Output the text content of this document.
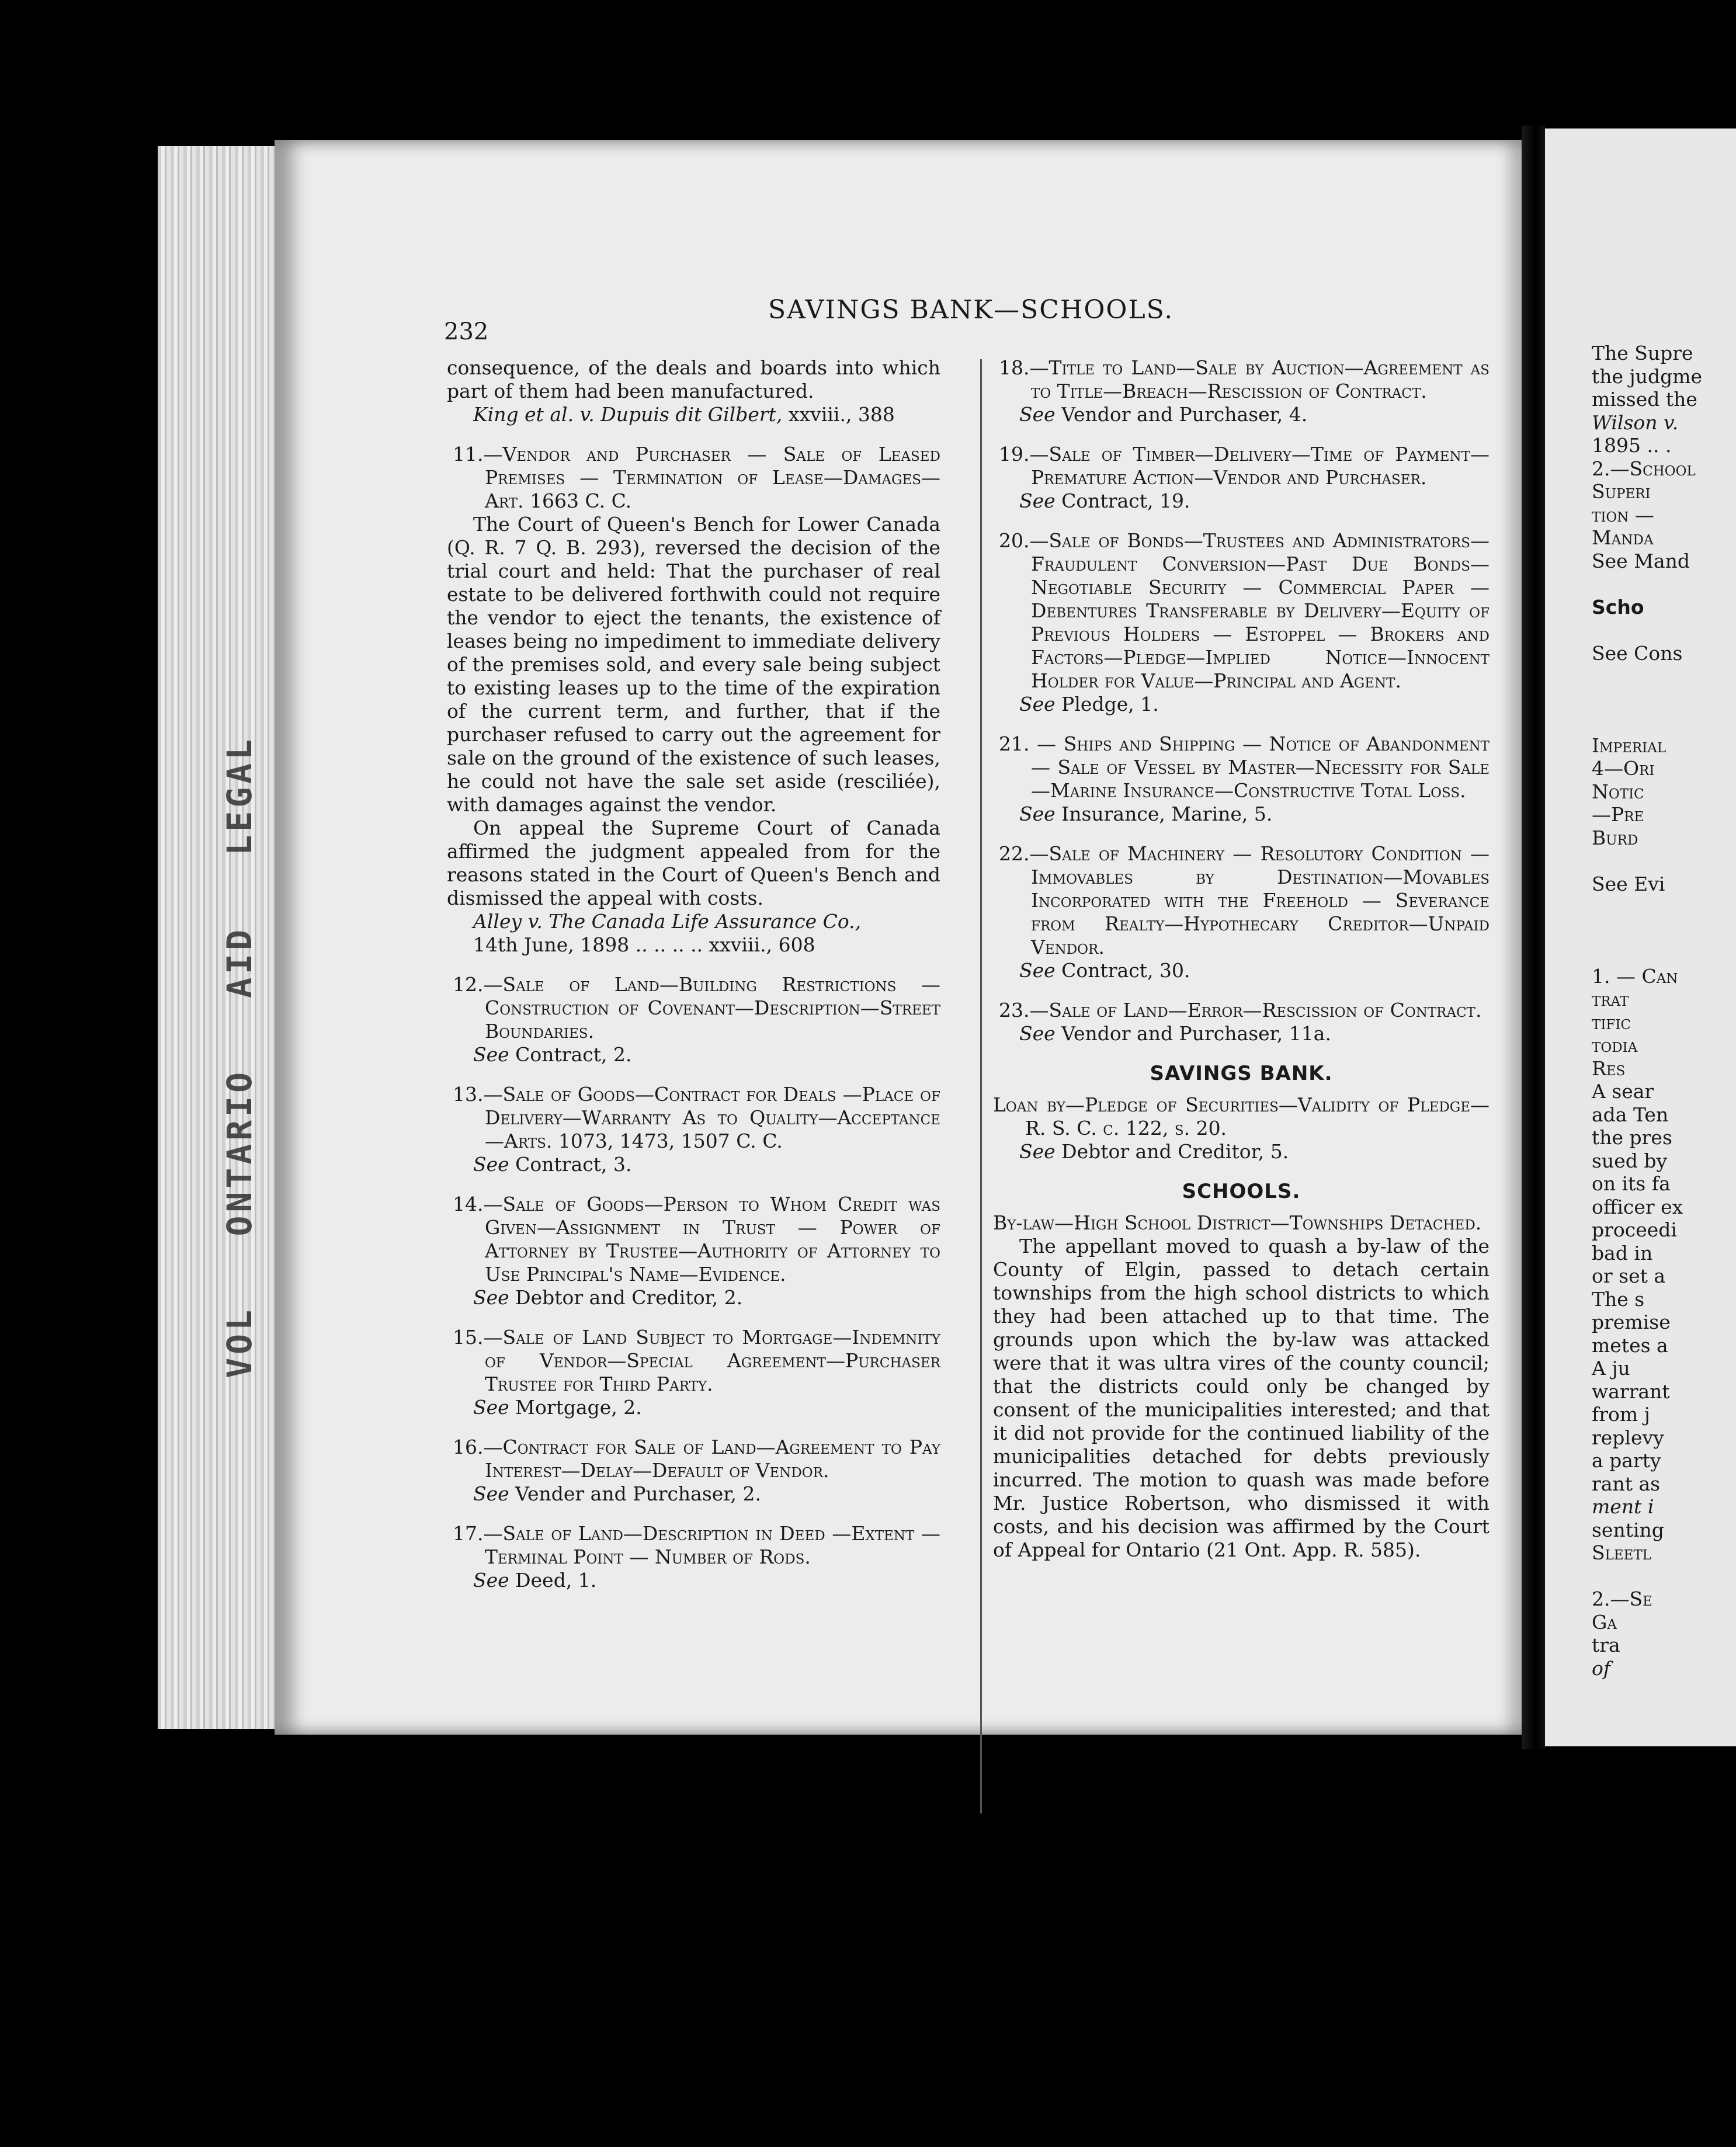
LEGAL
AID
ONTARIO
VOL
232
SAVINGS BANK—SCHOOLS.
consequence, of the deals and boards into which part of them had been manufactured.
King et al. v. Dupuis dit Gilbert, xxviii., 388
11.—Vendor and Purchaser — Sale of Leased Premises — Termination of Lease—Damages—Art. 1663 C. C.
The Court of Queen's Bench for Lower Canada (Q. R. 7 Q. B. 293), reversed the decision of the trial court and held: That the purchaser of real estate to be delivered forthwith could not require the vendor to eject the tenants, the existence of leases being no impediment to immediate delivery of the premises sold, and every sale being subject to existing leases up to the time of the expiration of the current term, and further, that if the purchaser refused to carry out the agreement for sale on the ground of the existence of such leases, he could not have the sale set aside (resciliée), with damages against the vendor.
On appeal the Supreme Court of Canada affirmed the judgment appealed from for the reasons stated in the Court of Queen's Bench and dismissed the appeal with costs.
Alley v. The Canada Life Assurance Co.,
14th June, 1898 .. .. .. .. xxviii., 608
12.—Sale of Land—Building Restrictions — Construction of Covenant—Description—Street Boundaries.
See Contract, 2.
13.—Sale of Goods—Contract for Deals —Place of Delivery—Warranty As to Quality—Acceptance—Arts. 1073, 1473, 1507 C. C.
See Contract, 3.
14.—Sale of Goods—Person to Whom Credit was Given—Assignment in Trust — Power of Attorney by Trustee—Authority of Attorney to Use Principal's Name—Evidence.
See Debtor and Creditor, 2.
15.—Sale of Land Subject to Mortgage—Indemnity of Vendor—Special Agreement—Purchaser Trustee for Third Party.
See Mortgage, 2.
16.—Contract for Sale of Land—Agreement to Pay Interest—Delay—Default of Vendor.
See Vender and Purchaser, 2.
17.—Sale of Land—Description in Deed —Extent — Terminal Point — Number of Rods.
See Deed, 1.
18.—Title to Land—Sale by Auction—Agreement as to Title—Breach—Rescission of Contract.
See Vendor and Purchaser, 4.
19.—Sale of Timber—Delivery—Time of Payment—Premature Action—Vendor and Purchaser.
See Contract, 19.
20.—Sale of Bonds—Trustees and Administrators—Fraudulent Conversion—Past Due Bonds—Negotiable Security — Commercial Paper — Debentures Transferable by Delivery—Equity of Previous Holders — Estoppel — Brokers and Factors—Pledge—Implied Notice—Innocent Holder for Value—Principal and Agent.
See Pledge, 1.
21. — Ships and Shipping — Notice of Abandonment — Sale of Vessel by Master—Necessity for Sale—Marine Insurance—Constructive Total Loss.
See Insurance, Marine, 5.
22.—Sale of Machinery — Resolutory Condition — Immovables by Destination—Movables Incorporated with the Freehold — Severance from Realty—Hypothecary Creditor—Unpaid Vendor.
See Contract, 30.
23.—Sale of Land—Error—Rescission of Contract.
See Vendor and Purchaser, 11a.
SAVINGS BANK.
Loan by—Pledge of Securities—Validity of Pledge—R. S. C. c. 122, s. 20.
See Debtor and Creditor, 5.
SCHOOLS.
By-law—High School District—Townships Detached.
The appellant moved to quash a by-law of the County of Elgin, passed to detach certain townships from the high school districts to which they had been attached up to that time. The grounds upon which the by-law was attacked were that it was ultra vires of the county council; that the districts could only be changed by consent of the municipalities interested; and that it did not provide for the continued liability of the municipalities detached for debts previously incurred. The motion to quash was made before Mr. Justice Robertson, who dismissed it with costs, and his decision was affirmed by the Court of Appeal for Ontario (21 Ont. App. R. 585).
The Supre
the judgme
missed the
Wilson v.
1895 .. .
2.—School
Superi
tion —
Manda
See Mand
Scho
See Cons
Imperial
4—Ori
Notic
—Pre
Burd
See Evi
1. — Can
trat
tific
todia
Res
A sear
ada Ten
the pres
sued by
on its fa
officer ex
proceedi
bad in
or set a
The s
premise
metes a
A ju
warrant
from j
replevy
a party
rant as
ment i
senting
Sleetl
2.—Se
Ga
tra
of
